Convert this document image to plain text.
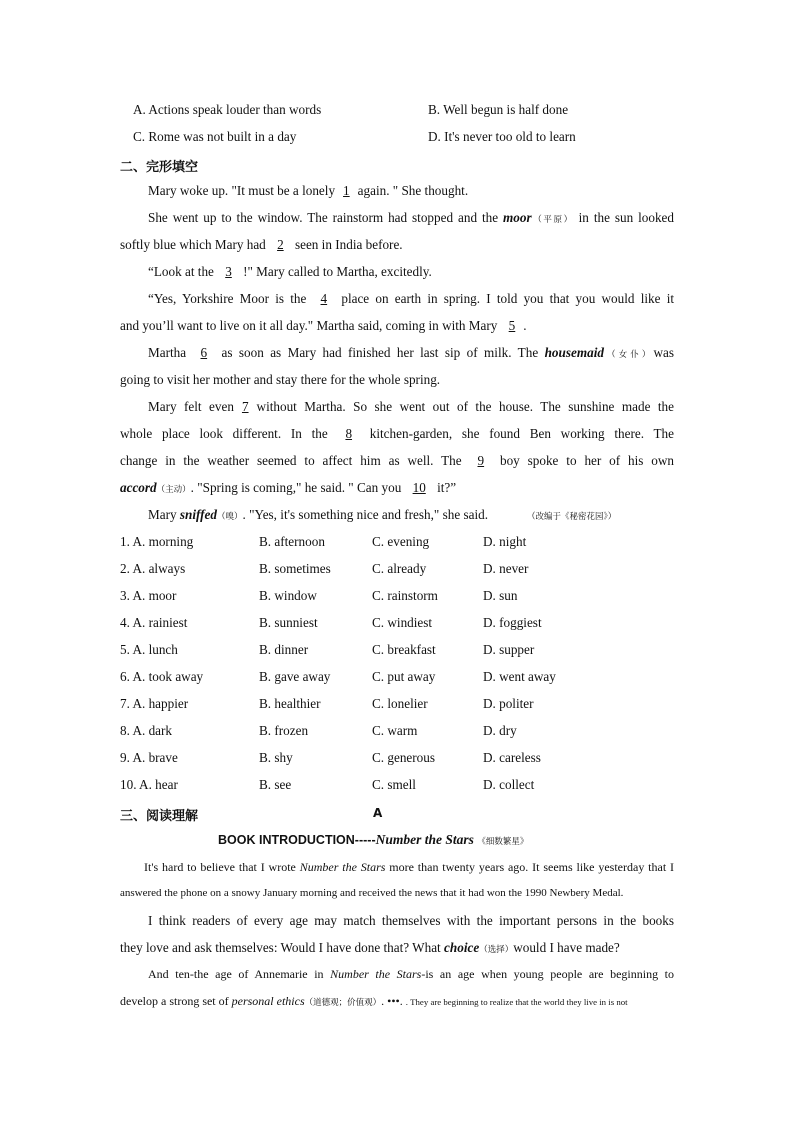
A. Actions speak louder than words	B. Well begun is half done
C. Rome was not built in a day	D. It's never too old to learn
二、完形填空
Mary woke up. "It must be a lonely 1 again. " She thought.
She went up to the window. The rainstorm had stopped and the moor（平原） in the sun looked
softly blue which Mary had 2 seen in India before.
“Look at the 3 !" Mary called to Martha, excitedly.
“Yes, Yorkshire Moor is the 4 place on earth in spring. I told you that you would like it
and you’ll want to live on it all day." Martha said, coming in with Mary 5 .
Martha 6 as soon as Mary had finished her last sip of milk. The housemaid（女仆）was
going to visit her mother and stay there for the whole spring.
Mary felt even 7 without Martha. So she went out of the house. The sunshine made the
whole place look different. In the 8 kitchen-garden, she found Ben working there. The
change in the weather seemed to affect him as well. The 9 boy spoke to her of his own
accord（主动）. "Spring is coming," he said. " Can you 10 it?”
Mary sniffed（嗅）. "Yes, it's something nice and fresh," she said.	（改编于《秘密花园》）
1. A. morning	B. afternoon	C. evening	D. night
2. A. always	B. sometimes	C. already	D. never
3. A. moor	B. window	C. rainstorm	D. sun
4. A. rainiest	B. sunniest	C. windiest	D. foggiest
5. A. lunch	B. dinner	C. breakfast	D. supper
6. A. took away	B. gave away	C. put away	D. went away
7. A. happier	B. healthier	C. lonelier	D. politer
8. A. dark	B. frozen	C. warm	D. dry
9. A. brave	B. shy	C. generous	D. careless
10. A. hear	B. see	C. smell	D. collect
三、阅读理解	A
BOOK INTRODUCTION-----Number the Stars 《细数繁星》
It's hard to believe that I wrote Number the Stars more than twenty years ago. It seems like yesterday that I
answered the phone on a snowy January morning and received the news that it had won the 1990 Newbery Medal.
I think readers of every age may match themselves with the important persons in the books
they love and ask themselves: Would I have done that? What choice（选择）would I have made?
And ten-the age of Annemarie in Number the Stars-is an age when young people are beginning to
develop a strong set of personal ethics（道德观；价值观）. •••. . They are beginning to realize that the world they live in is not
